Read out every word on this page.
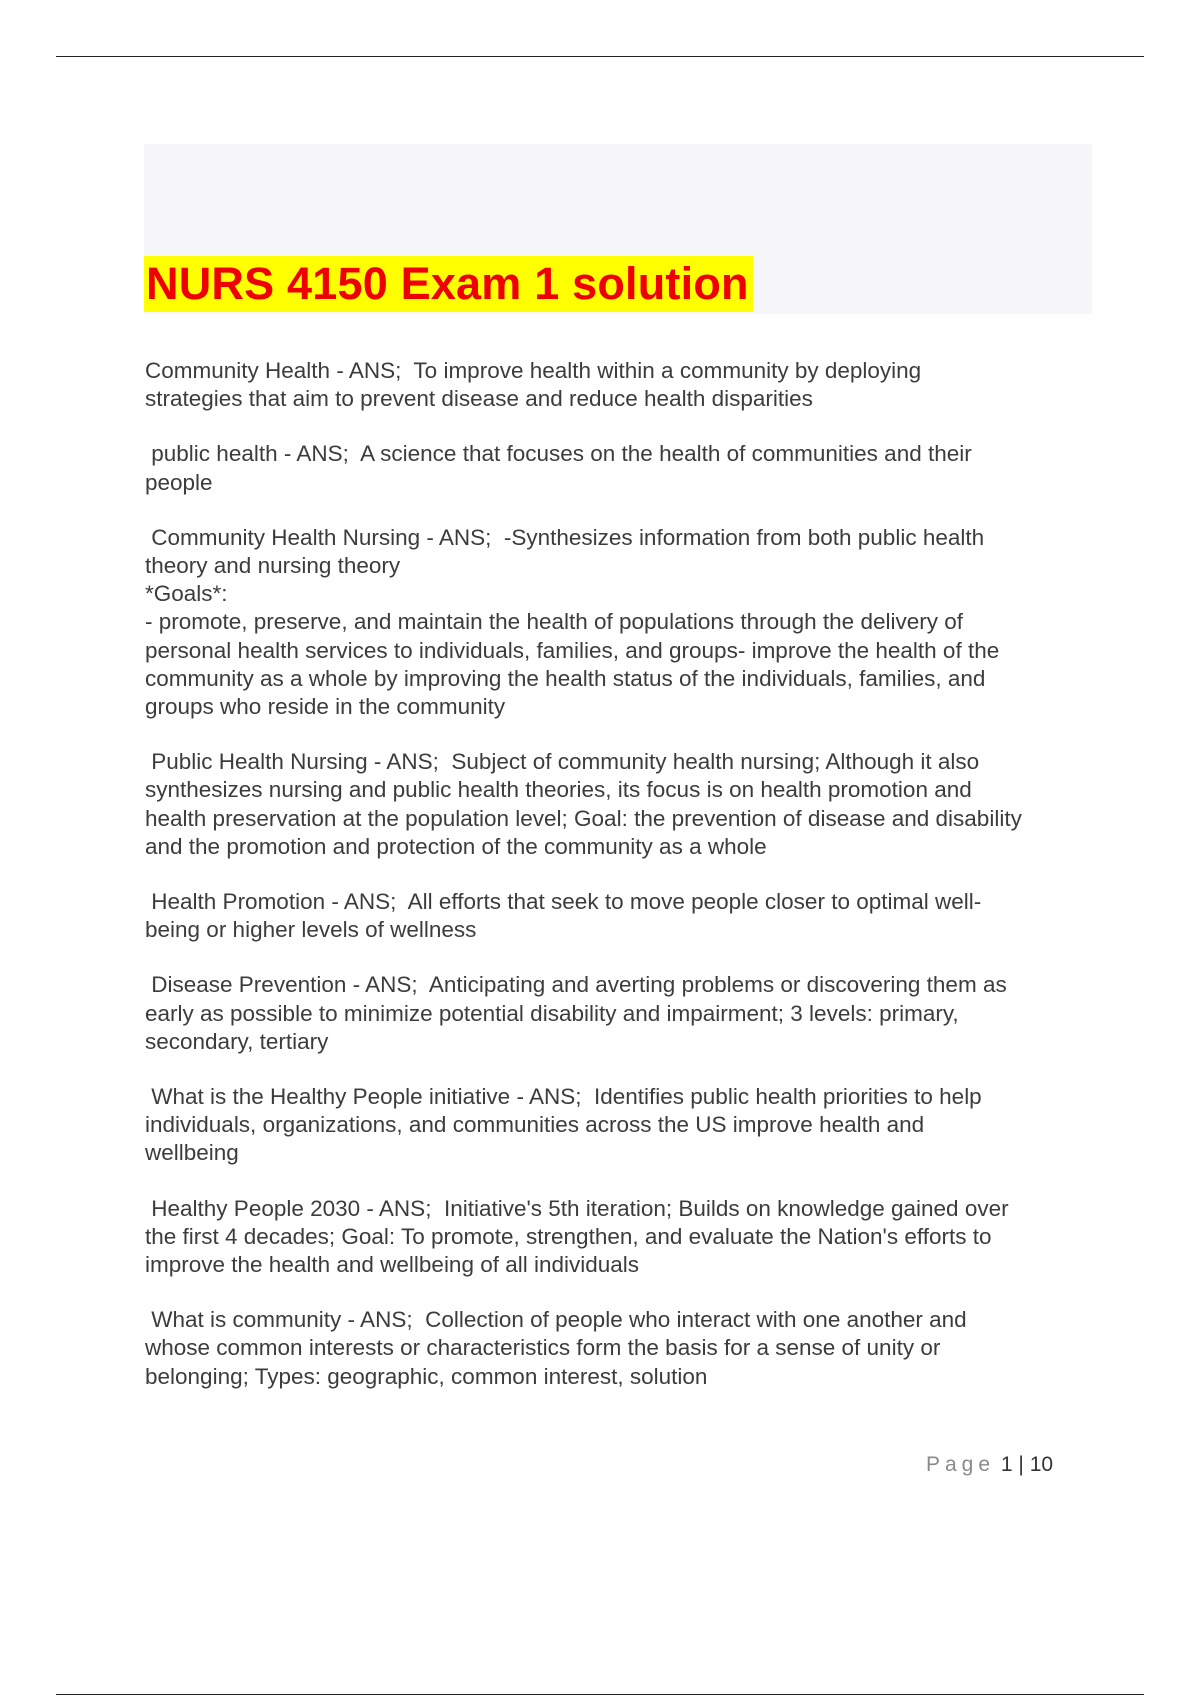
NURS 4150 Exam 1 solution

Community Health - ANS;  To improve health within a community by deploying
strategies that aim to prevent disease and reduce health disparities

public health - ANS;  A science that focuses on the health of communities and their
people

Community Health Nursing - ANS;  -Synthesizes information from both public health
theory and nursing theory
*Goals*:
- promote, preserve, and maintain the health of populations through the delivery of
personal health services to individuals, families, and groups- improve the health of the
community as a whole by improving the health status of the individuals, families, and
groups who reside in the community

Public Health Nursing - ANS;  Subject of community health nursing; Although it also
synthesizes nursing and public health theories, its focus is on health promotion and
health preservation at the population level; Goal: the prevention of disease and disability
and the promotion and protection of the community as a whole

Health Promotion - ANS;  All efforts that seek to move people closer to optimal well-
being or higher levels of wellness

Disease Prevention - ANS;  Anticipating and averting problems or discovering them as
early as possible to minimize potential disability and impairment; 3 levels: primary,
secondary, tertiary

What is the Healthy People initiative - ANS;  Identifies public health priorities to help
individuals, organizations, and communities across the US improve health and
wellbeing

Healthy People 2030 - ANS;  Initiative's 5th iteration; Builds on knowledge gained over
the first 4 decades; Goal: To promote, strengthen, and evaluate the Nation's efforts to
improve the health and wellbeing of all individuals

What is community - ANS;  Collection of people who interact with one another and
whose common interests or characteristics form the basis for a sense of unity or
belonging; Types: geographic, common interest, solution

Page 1 | 10
